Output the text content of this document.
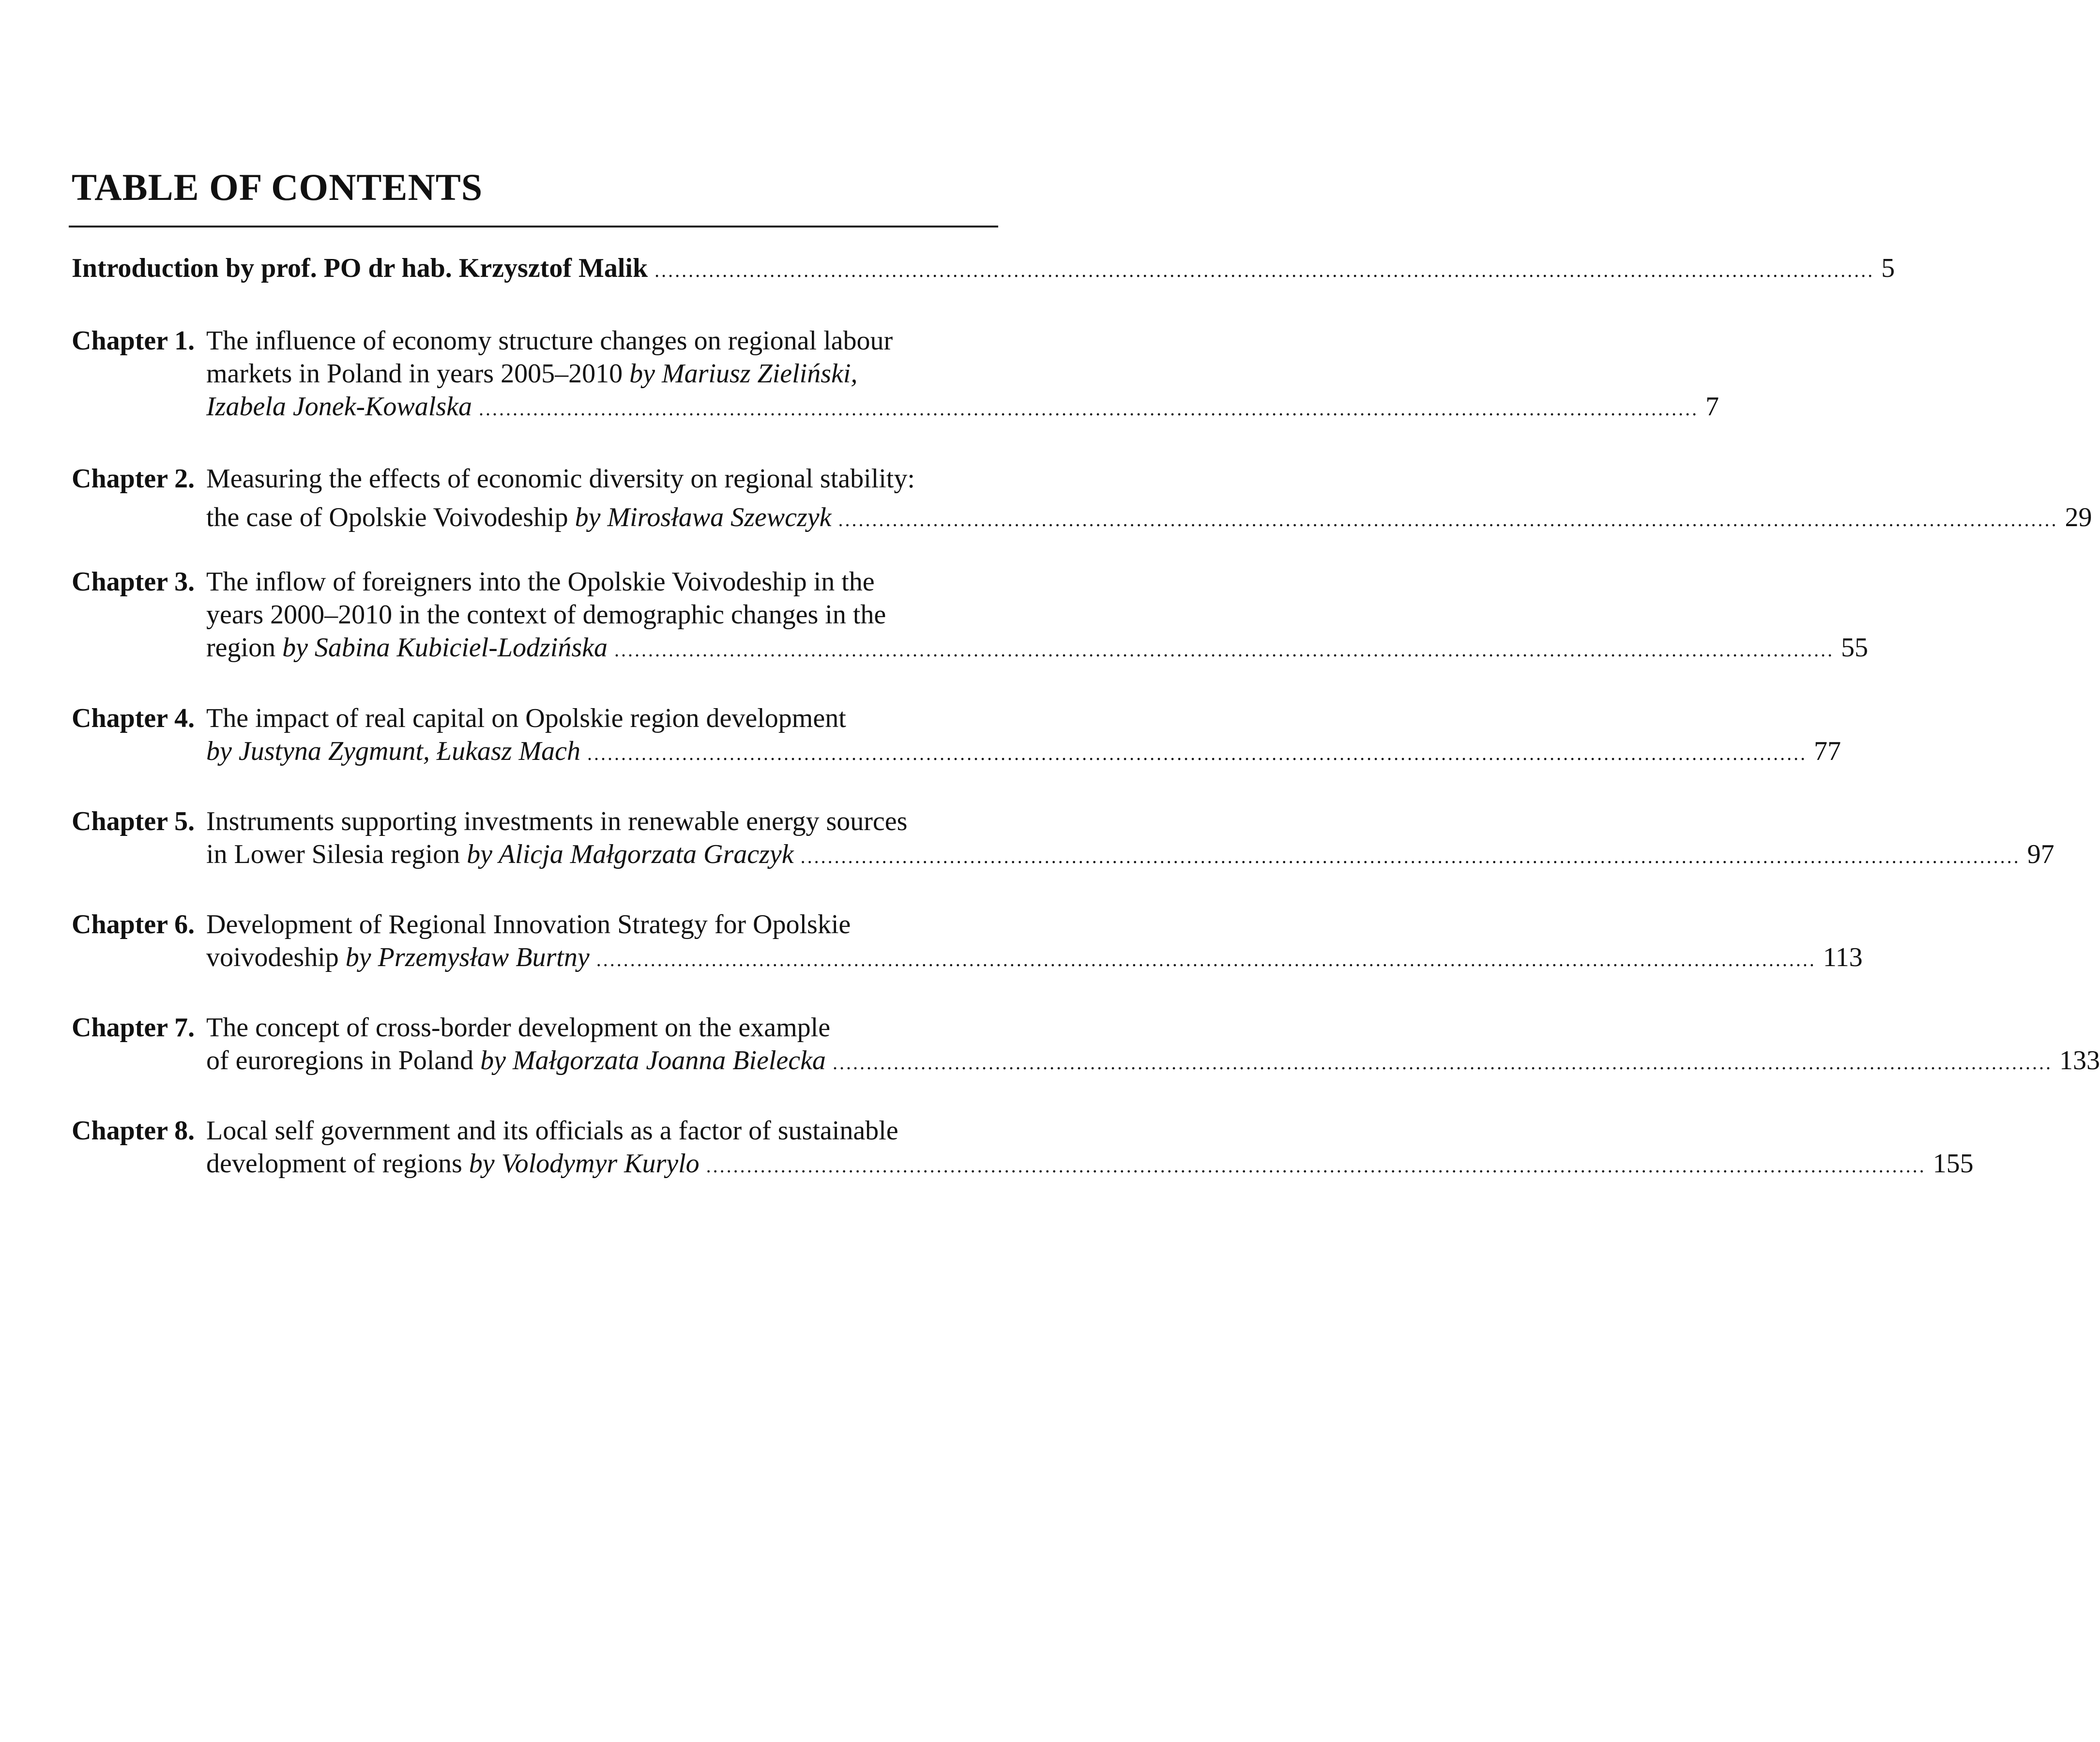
TABLE OF CONTENTS
Introduction by prof. PO dr hab. Krzysztof Malik .................................................................................................................................................................................... 5
Chapter 1. The influence of economy structure changes on regional labour
markets in Poland in years 2005–2010 by Mariusz Zieliński,
Izabela Jonek-Kowalska .................................................................................................................................................................................... 7
Chapter 2. Measuring the effects of economic diversity on regional stability:
the case of Opolskie Voivodeship by Mirosława Szewczyk .................................................................................................................................................................................... 29
Chapter 3. The inflow of foreigners into the Opolskie Voivodeship in the
years 2000–2010 in the context of demographic changes in the
region by Sabina Kubiciel-Lodzińska .................................................................................................................................................................................... 55
Chapter 4. The impact of real capital on Opolskie region development
by Justyna Zygmunt, Łukasz Mach .................................................................................................................................................................................... 77
Chapter 5. Instruments supporting investments in renewable energy sources
in Lower Silesia region by Alicja Małgorzata Graczyk .................................................................................................................................................................................... 97
Chapter 6. Development of Regional Innovation Strategy for Opolskie
voivodeship by Przemysław Burtny .................................................................................................................................................................................... 113
Chapter 7. The concept of cross-border development on the example
of euroregions in Poland by Małgorzata Joanna Bielecka .................................................................................................................................................................................... 133
Chapter 8. Local self government and its officials as a factor of sustainable
development of regions by Volodymyr Kurylo .................................................................................................................................................................................... 155
